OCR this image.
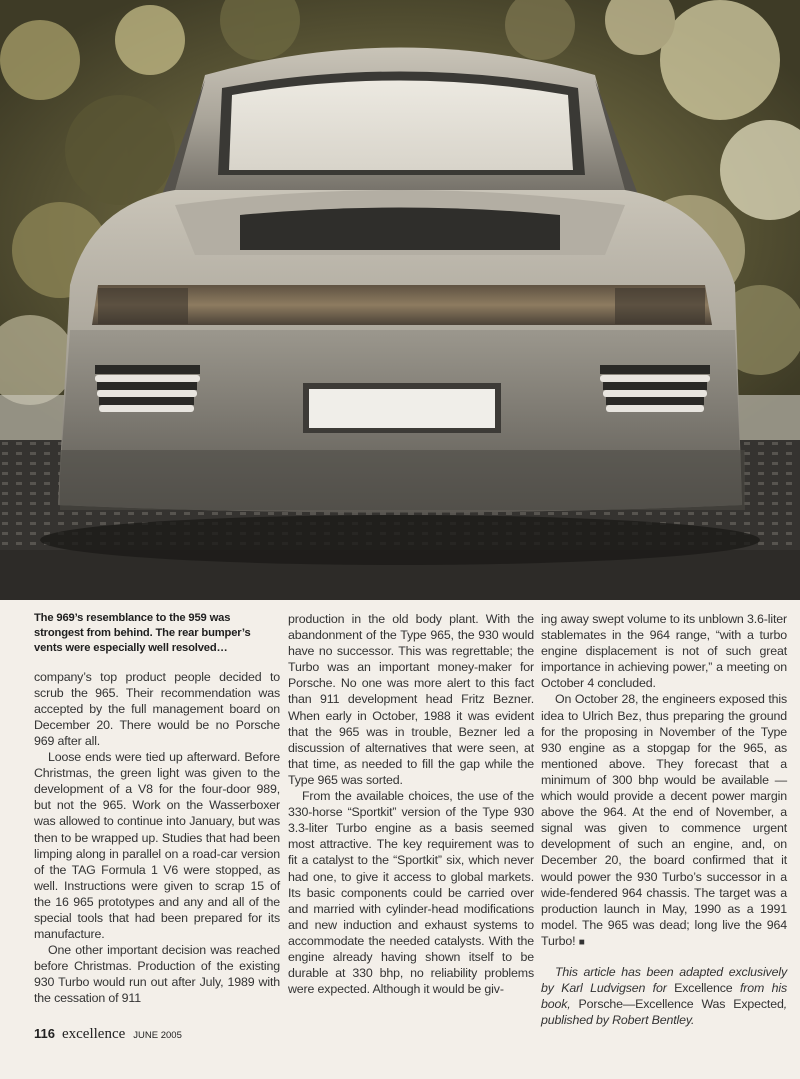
The 969’s resemblance to the 959 was strongest from behind. The rear bumper’s vents were especially well resolved…

company’s top product people decided to scrub the 965. Their recommendation was accepted by the full management board on December 20. There would be no Porsche 969 after all.

Loose ends were tied up afterward. Before Christmas, the green light was given to the development of a V8 for the four-door 989, but not the 965. Work on the Wasserboxer was allowed to continue into January, but was then to be wrapped up. Studies that had been limping along in parallel on a road-car version of the TAG Formula 1 V6 were stopped, as well. Instructions were given to scrap 15 of the 16 965 prototypes and any and all of the special tools that had been prepared for its manufacture.

One other important decision was reached before Christmas. Production of the existing 930 Turbo would run out after July, 1989 with the cessation of 911

production in the old body plant. With the abandonment of the Type 965, the 930 would have no successor. This was regrettable; the Turbo was an important money-maker for Porsche. No one was more alert to this fact than 911 development head Fritz Bezner. When early in October, 1988 it was evident that the 965 was in trouble, Bezner led a discussion of alternatives that were seen, at that time, as needed to fill the gap while the Type 965 was sorted.

From the available choices, the use of the 330-horse “Sportkit” version of the Type 930 3.3-liter Turbo engine as a basis seemed most attractive. The key requirement was to fit a catalyst to the “Sportkit” six, which never had one, to give it access to global markets. Its basic components could be carried over and married with cylinder-head modifications and new induction and exhaust systems to accommodate the needed catalysts. With the engine already having shown itself to be durable at 330 bhp, no reliability problems were expected. Although it would be giv-

ing away swept volume to its unblown 3.6-liter stablemates in the 964 range, “with a turbo engine displacement is not of such great importance in achieving power,” a meeting on October 4 concluded.

On October 28, the engineers exposed this idea to Ulrich Bez, thus preparing the ground for the proposing in November of the Type 930 engine as a stopgap for the 965, as mentioned above. They forecast that a minimum of 300 bhp would be available — which would provide a decent power margin above the 964. At the end of November, a signal was given to commence urgent development of such an engine, and, on December 20, the board confirmed that it would power the 930 Turbo’s successor in a wide-fendered 964 chassis. The target was a production launch in May, 1990 as a 1991 model. The 965 was dead; long live the 964 Turbo! ■

This article has been adapted exclusively by Karl Ludvigsen for Excellence from his book, Porsche—Excellence Was Expected, published by Robert Bentley.

116 excellence JUNE 2005
